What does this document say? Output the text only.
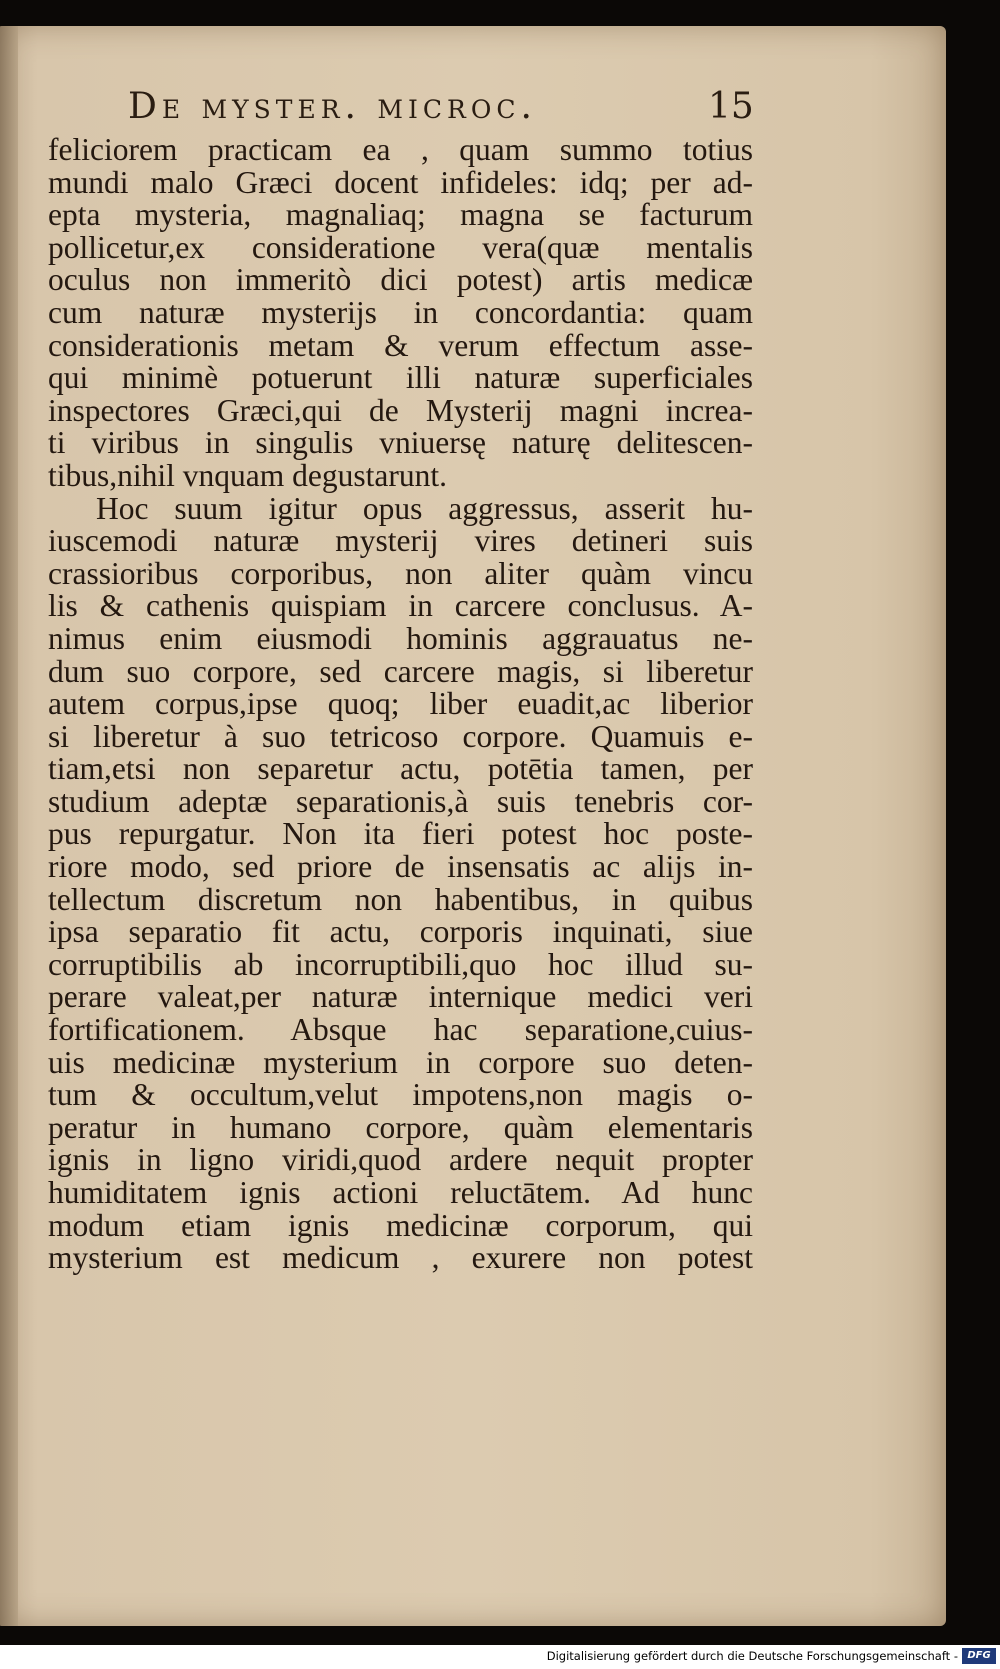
De myster. microc.	15
feliciorem practicam ea , quam summo totius
mundi malo Græci docent infideles: idq; per ad-
epta mysteria, magnaliaq; magna se facturum
pollicetur,ex consideratione vera(quæ mentalis
oculus non immeritò dici potest) artis medicæ
cum naturæ mysterijs in concordantia: quam
considerationis metam & verum effectum asse-
qui minimè potuerunt illi naturæ superficiales
inspectores Græci,qui de Mysterij magni increa-
ti viribus in singulis vniuersę naturę delitescen-
tibus,nihil vnquam degustarunt.
Hoc suum igitur opus aggressus, asserit hu-
iuscemodi naturæ mysterij vires detineri suis
crassioribus corporibus, non aliter quàm vincu
lis & cathenis quispiam in carcere conclusus. A-
nimus enim eiusmodi hominis aggrauatus ne-
dum suo corpore, sed carcere magis, si liberetur
autem corpus,ipse quoq; liber euadit,ac liberior
si liberetur à suo tetricoso corpore. Quamuis e-
tiam,etsi non separetur actu, potētia tamen, per
studium adeptæ separationis,à suis tenebris cor-
pus repurgatur. Non ita fieri potest hoc poste-
riore modo, sed priore de insensatis ac alijs in-
tellectum discretum non habentibus, in quibus
ipsa separatio fit actu, corporis inquinati, siue
corruptibilis ab incorruptibili,quo hoc illud su-
perare valeat,per naturæ internique medici veri
fortificationem. Absque hac separatione,cuius-
uis medicinæ mysterium in corpore suo deten-
tum & occultum,velut impotens,non magis o-
peratur in humano corpore, quàm elementaris
ignis in ligno viridi,quod ardere nequit propter
humiditatem ignis actioni reluctātem. Ad hunc
modum etiam ignis medicinæ corporum, qui
mysterium est medicum , exurere non potest
Digitalisierung gefördert durch die Deutsche Forschungsgemeinschaft - DFG
